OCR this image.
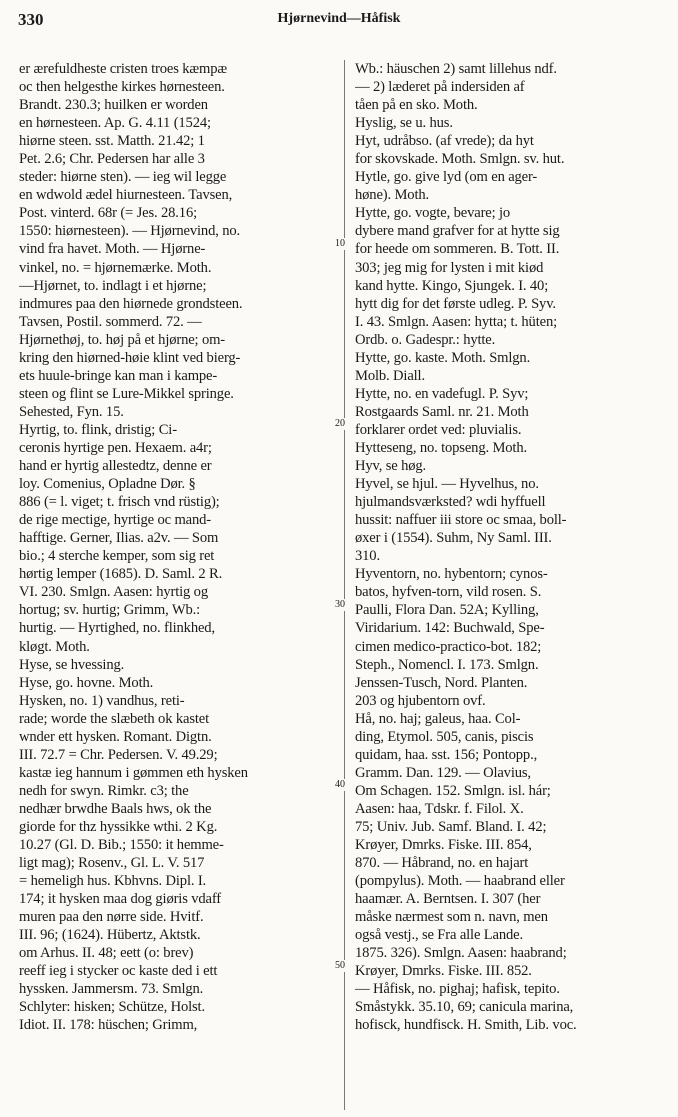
330	Hjørnevind—Håfisk
er ærefuldheste cristen troes kæmpæ
oc then helgesthe kirkes hørnesteen.
Brandt. 230.3; huilken er worden
en hørnesteen. Ap. G. 4.11 (1524;
hiørne steen. sst. Matth. 21.42; 1
Pet. 2.6; Chr. Pedersen har alle 3
steder: hiørne sten). — ieg wil legge
en wdwold ædel hiurnesteen. Tavsen,
Post. vinterd. 68r (= Jes. 28.16;
1550: hiørnesteen). — Hjørnevind, no.
vind fra havet. Moth. — Hjørne-
vinkel, no. = hjørnemærke. Moth.
—Hjørnet, to. indlagt i et hjørne;
indmures paa den hiørnede grondsteen.
Tavsen, Postil. sommerd. 72. —
Hjørnethøj, to. høj på et hjørne; om-
kring den hiørned-høie klint ved bierg-
ets huule-bringe kan man i kampe-
steen og flint se Lure-Mikkel springe.
Sehested, Fyn. 15.
Hyrtig, to. flink, dristig; Ci-
ceronis hyrtige pen. Hexaem. a4r;
hand er hyrtig allestedtz, denne er
loy. Comenius, Opladne Dør. §
886 (= l. viget; t. frisch vnd rüstig);
de rige mectige, hyrtige oc mand-
hafftige. Gerner, Ilias. a2v. — Som
bio.; 4 sterche kemper, som sig ret
hørtig lemper (1685). D. Saml. 2 R.
VI. 230. Smlgn. Aasen: hyrtig og
hortug; sv. hurtig; Grimm, Wb.:
hurtig. — Hyrtighed, no. flinkhed,
kløgt. Moth.
Hyse, se hvessing.
Hyse, go. hovne. Moth.
Hysken, no. 1) vandhus, reti-
rade; worde the slæbeth ok kastet
wnder ett hysken. Romant. Digtn.
III. 72.7 = Chr. Pedersen. V. 49.29;
kastæ ieg hannum i gømmen eth hysken
nedh for swyn. Rimkr. c3; the
nedhær brwdhe Baals hws, ok the
giorde for thz hyssikke wthi. 2 Kg.
10.27 (Gl. D. Bib.; 1550: it hemme-
ligt mag); Rosenv., Gl. L. V. 517
= hemeligh hus. Kbhvns. Dipl. I.
174; it hysken maa dog giøris vdaff
muren paa den nørre side. Hvitf.
III. 96; (1624). Hübertz, Aktstk.
om Arhus. II. 48; eett (o: brev)
reeff ieg i stycker oc kaste ded i ett
hyssken. Jammersm. 73. Smlgn.
Schlyter: hisken; Schütze, Holst.
Idiot. II. 178: hüschen; Grimm,
Wb.: häuschen 2) samt lillehus ndf.
— 2) læderet på indersiden af
tåen på en sko. Moth.
Hyslig, se u. hus.
Hyt, udråbso. (af vrede); da hyt
for skovskade. Moth. Smlgn. sv. hut.
Hytle, go. give lyd (om en ager-
høne). Moth.
Hytte, go. vogte, bevare; jo
dybere mand grafver for at hytte sig
for heede om sommeren. B. Tott. II.
303; jeg mig for lysten i mit kiød
kand hytte. Kingo, Sjungek. I. 40;
hytt dig for det første udleg. P. Syv.
I. 43. Smlgn. Aasen: hytta; t. hüten;
Ordb. o. Gadespr.: hytte.
Hytte, go. kaste. Moth. Smlgn.
Molb. Diall.
Hytte, no. en vadefugl. P. Syv;
Rostgaards Saml. nr. 21. Moth
forklarer ordet ved: pluvialis.
Hytteseng, no. topseng. Moth.
Hyv, se høg.
Hyvel, se hjul. — Hyvelhus, no.
hjulmandsværksted? wdi hyffuell
hussit: naffuer iii store oc smaa, boll-
øxer i (1554). Suhm, Ny Saml. III.
310.
Hyventorn, no. hybentorn; cynos-
batos, hyfven-torn, vild rosen. S.
Paulli, Flora Dan. 52A; Kylling,
Viridarium. 142: Buchwald, Spe-
cimen medico-practico-bot. 182;
Steph., Nomencl. I. 173. Smlgn.
Jenssen-Tusch, Nord. Planten.
203 og hjubentorn ovf.
Hå, no. haj; galeus, haa. Col-
ding, Etymol. 505, canis, piscis
quidam, haa. sst. 156; Pontopp.,
Gramm. Dan. 129. — Olavius,
Om Schagen. 152. Smlgn. isl. hár;
Aasen: haa, Tdskr. f. Filol. X.
75; Univ. Jub. Samf. Bland. I. 42;
Krøyer, Dmrks. Fiske. III. 854,
870. — Håbrand, no. en hajart
(pompylus). Moth. — haabrand eller
haamær. A. Berntsen. I. 307 (her
måske nærmest som n. navn, men
også vestj., se Fra alle Lande.
1875. 326). Smlgn. Aasen: haabrand;
Krøyer, Dmrks. Fiske. III. 852.
— Håfisk, no. pighaj; hafisk, tepito.
Småstykk. 35.10, 69; canicula marina,
hofisck, hundfisck. H. Smith, Lib. voc.
10
20
30
40
50
